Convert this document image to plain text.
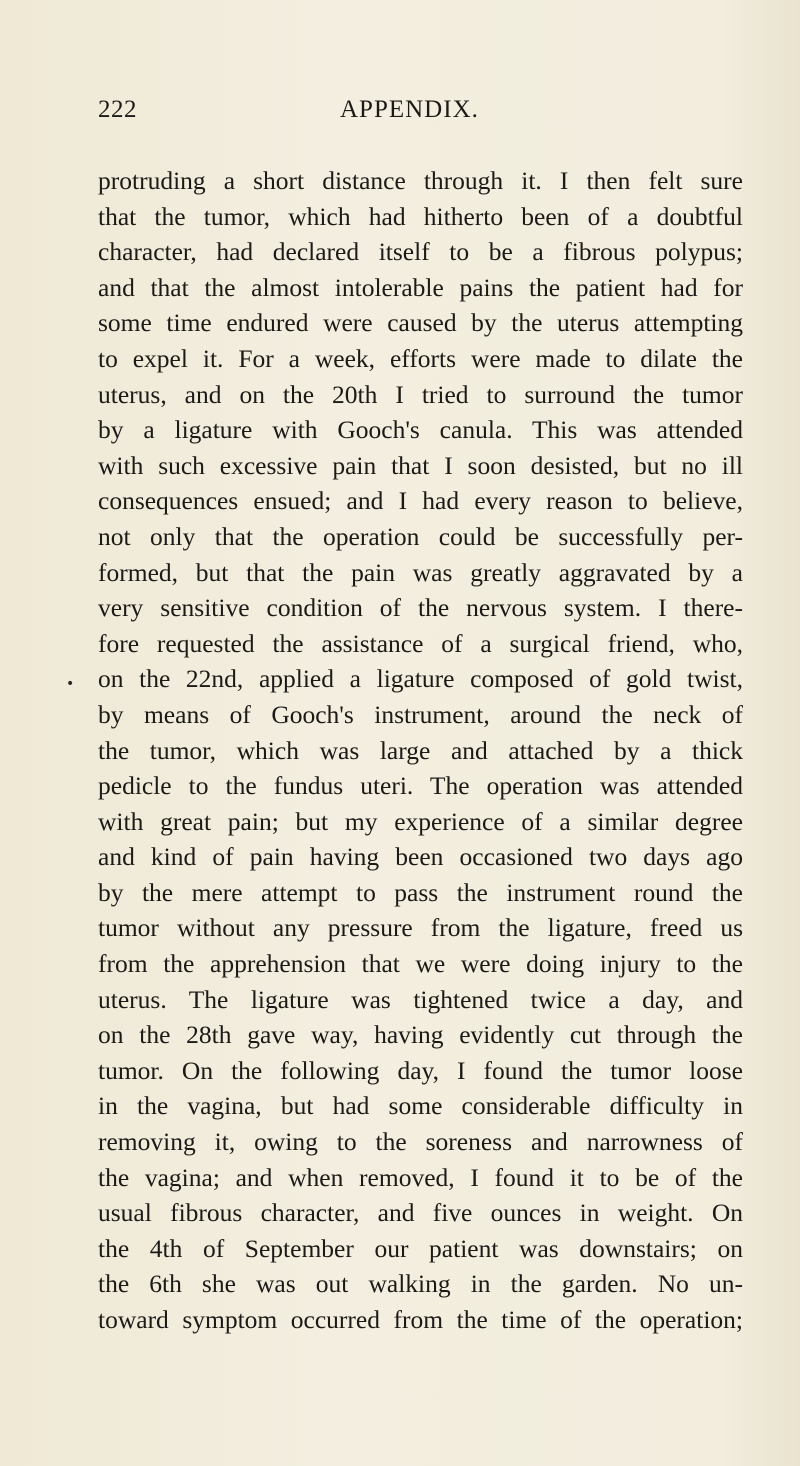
222	APPENDIX.
•
protruding a short distance through it. I then felt sure
that the tumor, which had hitherto been of a doubtful
character, had declared itself to be a fibrous polypus;
and that the almost intolerable pains the patient had for
some time endured were caused by the uterus attempting
to expel it. For a week, efforts were made to dilate the
uterus, and on the 20th I tried to surround the tumor
by a ligature with Gooch's canula. This was attended
with such excessive pain that I soon desisted, but no ill
consequences ensued; and I had every reason to believe,
not only that the operation could be successfully per-
formed, but that the pain was greatly aggravated by a
very sensitive condition of the nervous system. I there-
fore requested the assistance of a surgical friend, who,
on the 22nd, applied a ligature composed of gold twist,
by means of Gooch's instrument, around the neck of
the tumor, which was large and attached by a thick
pedicle to the fundus uteri. The operation was attended
with great pain; but my experience of a similar degree
and kind of pain having been occasioned two days ago
by the mere attempt to pass the instrument round the
tumor without any pressure from the ligature, freed us
from the apprehension that we were doing injury to the
uterus. The ligature was tightened twice a day, and
on the 28th gave way, having evidently cut through the
tumor. On the following day, I found the tumor loose
in the vagina, but had some considerable difficulty in
removing it, owing to the soreness and narrowness of
the vagina; and when removed, I found it to be of the
usual fibrous character, and five ounces in weight. On
the 4th of September our patient was downstairs; on
the 6th she was out walking in the garden. No un-
toward symptom occurred from the time of the operation;
